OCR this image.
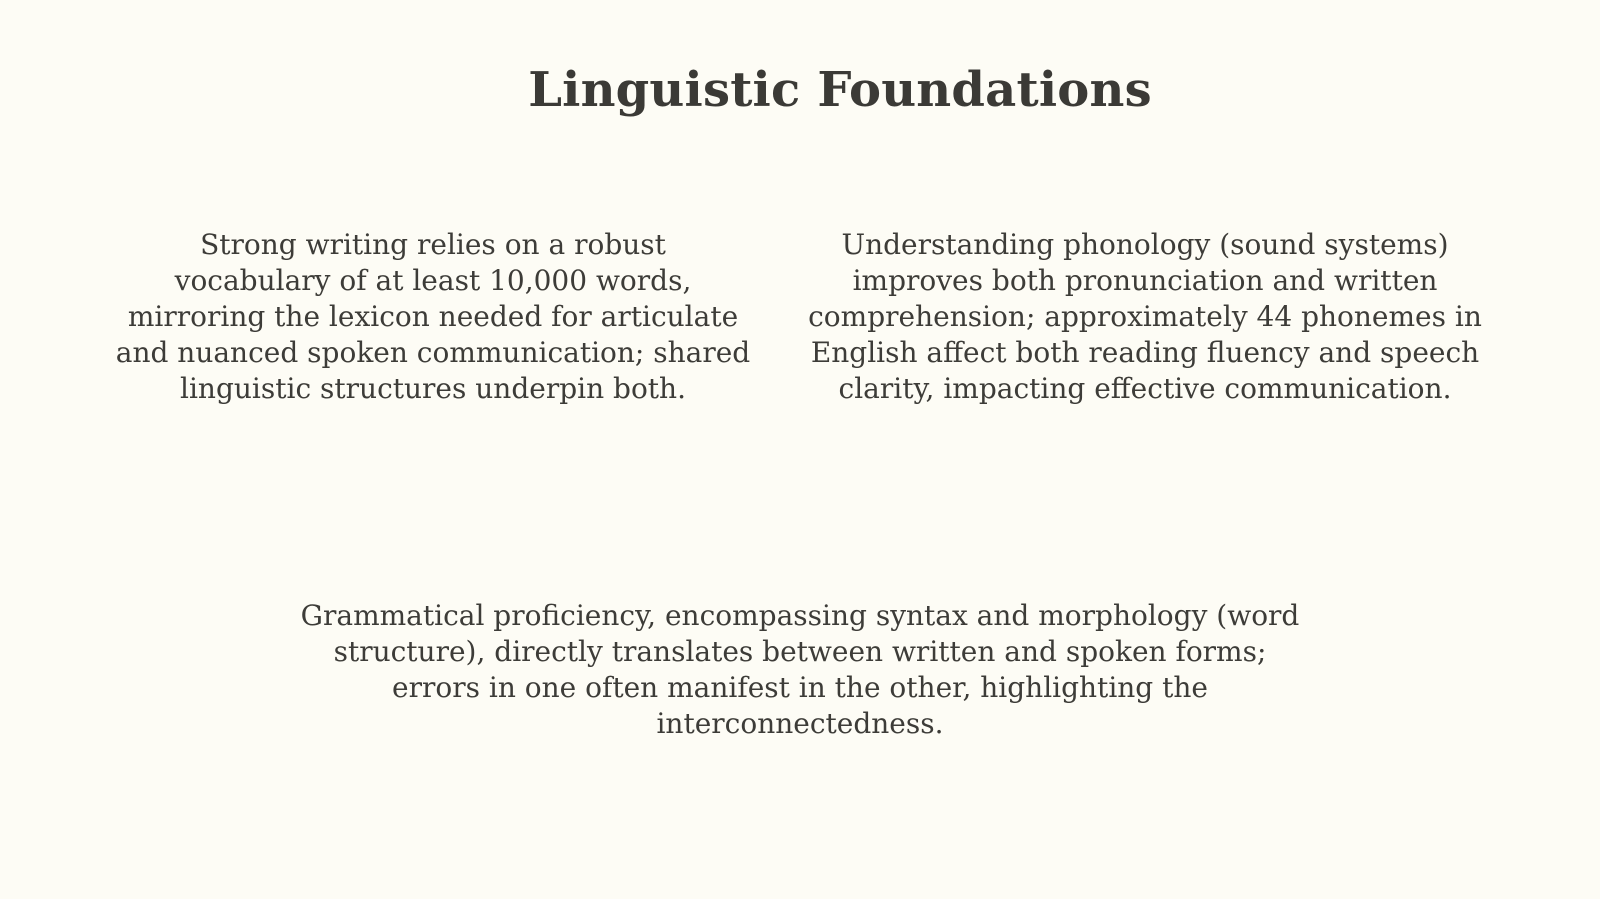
Linguistic Foundations

Strong writing relies on a robust
vocabulary of at least 10,000 words,
mirroring the lexicon needed for articulate
and nuanced spoken communication; shared
linguistic structures underpin both.

Understanding phonology (sound systems)
improves both pronunciation and written
comprehension; approximately 44 phonemes in
English affect both reading fluency and speech
clarity, impacting effective communication.

Grammatical proficiency, encompassing syntax and morphology (word
structure), directly translates between written and spoken forms;
errors in one often manifest in the other, highlighting the
interconnectedness.
